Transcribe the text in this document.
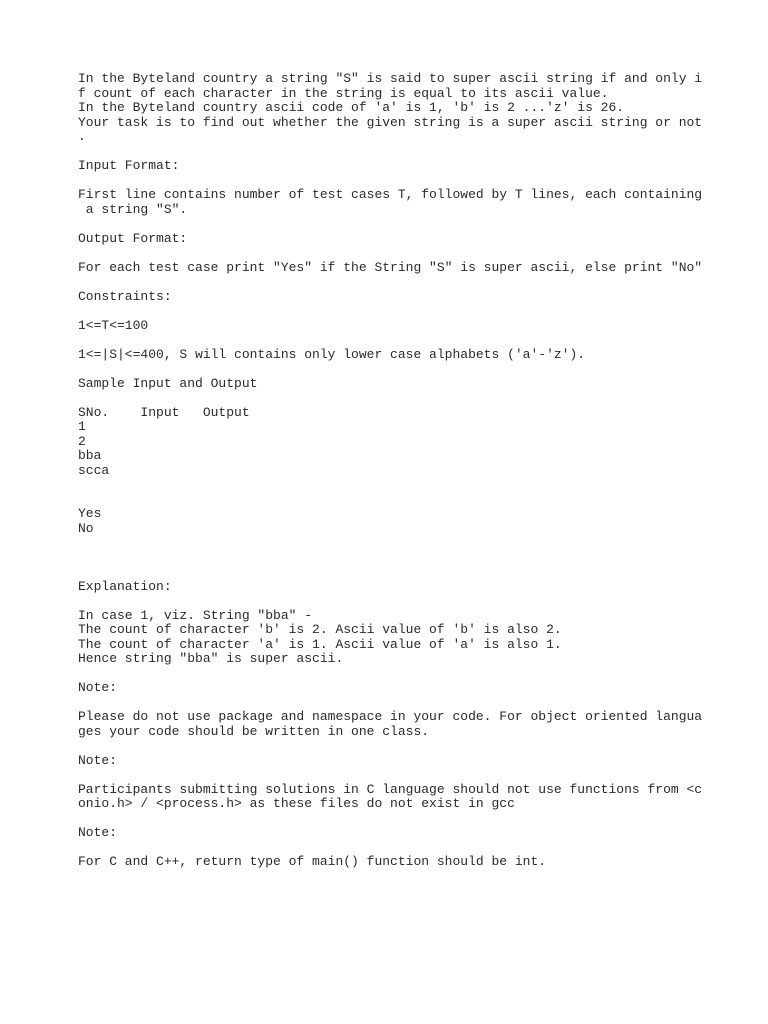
In the Byteland country a string "S" is said to super ascii string if and only i
f count of each character in the string is equal to its ascii value.
In the Byteland country ascii code of 'a' is 1, 'b' is 2 ...'z' is 26.
Your task is to find out whether the given string is a super ascii string or not
.
Input Format:
First line contains number of test cases T, followed by T lines, each containing
a string "S".
Output Format:
For each test case print "Yes" if the String "S" is super ascii, else print "No"
Constraints:
1<=T<=100
1<=|S|<=400, S will contains only lower case alphabets ('a'-'z').
Sample Input and Output
SNo.    Input   Output
1
2
bba
scca
Yes
No
Explanation:
In case 1, viz. String "bba" -
The count of character 'b' is 2. Ascii value of 'b' is also 2.
The count of character 'a' is 1. Ascii value of 'a' is also 1.
Hence string "bba" is super ascii.
Note:
Please do not use package and namespace in your code. For object oriented langua
ges your code should be written in one class.
Note:
Participants submitting solutions in C language should not use functions from <c
onio.h> / <process.h> as these files do not exist in gcc
Note:
For C and C++, return type of main() function should be int.
